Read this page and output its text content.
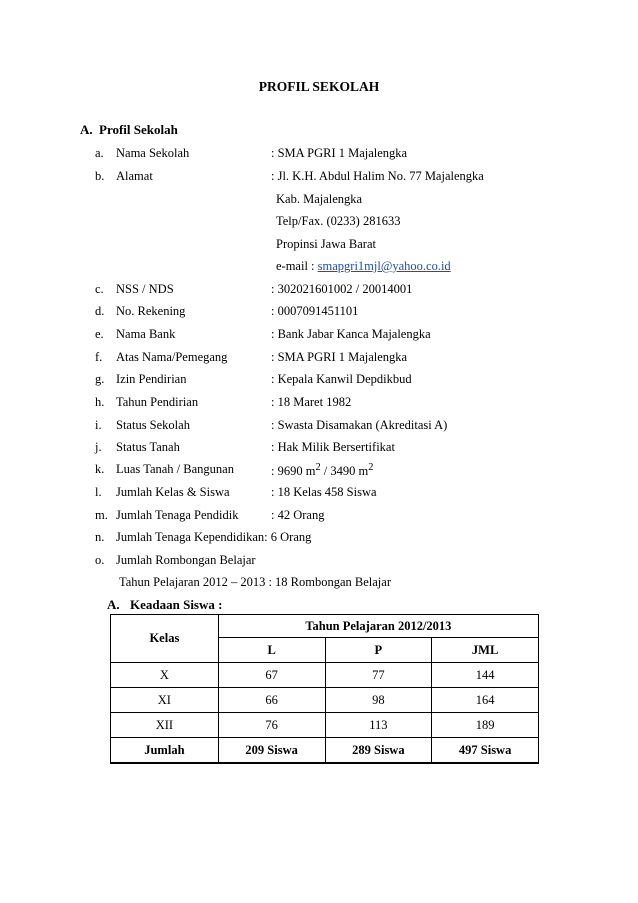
PROFIL SEKOLAH
A. Profil Sekolah
a. Nama Sekolah	: SMA PGRI 1 Majalengka
b. Alamat	: Jl. K.H. Abdul Halim No. 77 Majalengka
Kab. Majalengka
Telp/Fax. (0233) 281633
Propinsi Jawa Barat
e-mail : smapgri1mjl@yahoo.co.id
c. NSS / NDS	: 302021601002 / 20014001
d. No. Rekening	: 0007091451101
e. Nama Bank	: Bank Jabar Kanca Majalengka
f. Atas Nama/Pemegang	: SMA PGRI 1 Majalengka
g. Izin Pendirian	: Kepala Kanwil Depdikbud
h. Tahun Pendirian	: 18 Maret 1982
i. Status Sekolah	: Swasta Disamakan (Akreditasi A)
j. Status Tanah	: Hak Milik Bersertifikat
k. Luas Tanah / Bangunan	: 9690 $m^2 / 3490$ $m^2$
l. Jumlah Kelas & Siswa	: 18 Kelas 458 Siswa
m. Jumlah Tenaga Pendidik	: 42 Orang
n. Jumlah Tenaga Kependidikan: 6 Orang
o. Jumlah Rombongan Belajar
Tahun Pelajaran 2012 – 2013 : 18 Rombongan Belajar
A. Keadaan Siswa :
Kelas	Tahun Pelajaran 2012/2013		
	L	P	JML
X	67	77	144
XI	66	98	164
XII	76	113	189
Jumlah	209 Siswa	289 Siswa	497 Siswa
